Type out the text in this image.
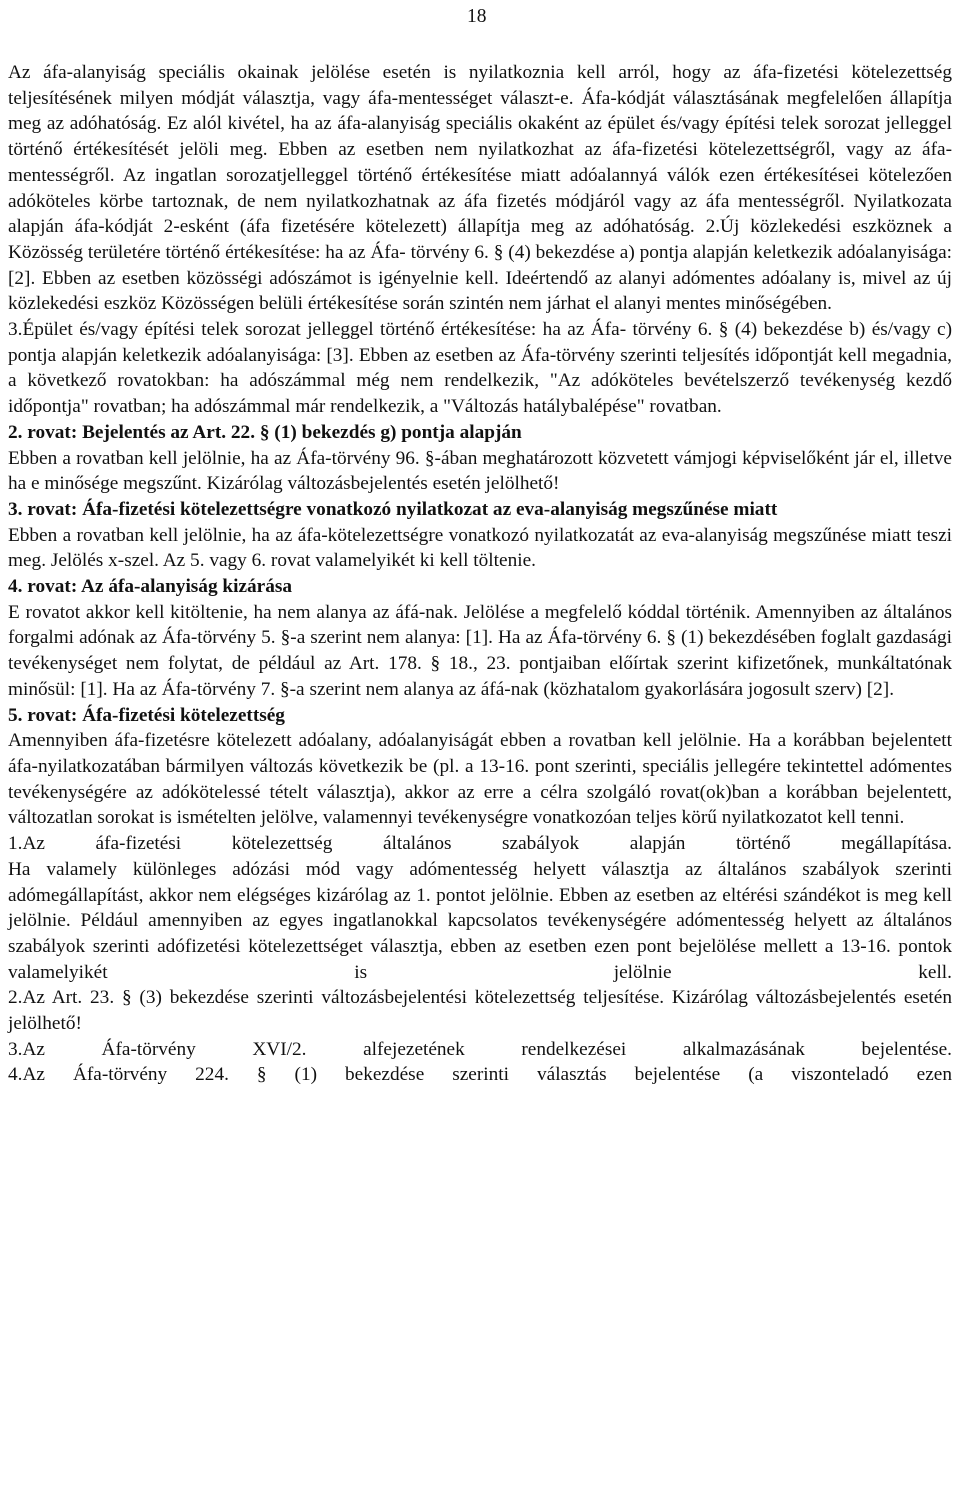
18

Az áfa-alanyiság speciális okainak jelölése esetén is nyilatkoznia kell arról, hogy az áfa-fizetési kötelezettség teljesítésének milyen módját választja, vagy áfa-mentességet választ-e. Áfa-kódját választásának megfelelően állapítja meg az adóhatóság. Ez alól kivétel, ha az áfa-alanyiság speciális okaként az épület és/vagy építési telek sorozat jelleggel történő értékesítését jelöli meg. Ebben az esetben nem nyilatkozhat az áfa-fizetési kötelezettségről, vagy az áfa-mentességről. Az ingatlan sorozatjelleggel történő értékesítése miatt adóalannyá válók ezen értékesítései kötelezően adóköteles körbe tartoznak, de nem nyilatkozhatnak az áfa fizetés módjáról vagy az áfa mentességről. Nyilatkozata alapján áfa-kódját 2-esként (áfa fizetésére kötelezett) állapítja meg az adóhatóság. 2.Új közlekedési eszköznek a Közösség területére történő értékesítése: ha az Áfa- törvény 6. § (4) bekezdése a) pontja alapján keletkezik adóalanyisága: [2]. Ebben az esetben közösségi adószámot is igényelnie kell. Ideértendő az alanyi adómentes adóalany is, mivel az új közlekedési eszköz Közösségen belüli értékesítése során szintén nem járhat el alanyi mentes minőségében.

3.Épület és/vagy építési telek sorozat jelleggel történő értékesítése: ha az Áfa- törvény 6. § (4) bekezdése b) és/vagy c) pontja alapján keletkezik adóalanyisága: [3]. Ebben az esetben az Áfa-törvény szerinti teljesítés időpontját kell megadnia, a következő rovatokban: ha adószámmal még nem rendelkezik, "Az adóköteles bevételszerző tevékenység kezdő időpontja" rovatban; ha adószámmal már rendelkezik, a "Változás hatálybalépése" rovatban.

2. rovat: Bejelentés az Art. 22. § (1) bekezdés g) pontja alapján

Ebben a rovatban kell jelölnie, ha az Áfa-törvény 96. §-ában meghatározott közvetett vámjogi képviselőként jár el, illetve ha e minősége megszűnt. Kizárólag változásbejelentés esetén jelölhető!

3. rovat: Áfa-fizetési kötelezettségre vonatkozó nyilatkozat az eva-alanyiság megszűnése miatt

Ebben a rovatban kell jelölnie, ha az áfa-kötelezettségre vonatkozó nyilatkozatát az eva-alanyiság megszűnése miatt teszi meg. Jelölés x-szel. Az 5. vagy 6. rovat valamelyikét ki kell töltenie.

4. rovat: Az áfa-alanyiság kizárása

E rovatot akkor kell kitöltenie, ha nem alanya az áfá-nak. Jelölése a megfelelő kóddal történik. Amennyiben az általános forgalmi adónak az Áfa-törvény 5. §-a szerint nem alanya: [1]. Ha az Áfa-törvény 6. § (1) bekezdésében foglalt gazdasági tevékenységet nem folytat, de például az Art. 178. § 18., 23. pontjaiban előírtak szerint kifizetőnek, munkáltatónak minősül: [1]. Ha az Áfa-törvény 7. §-a szerint nem alanya az áfá-nak (közhatalom gyakorlására jogosult szerv) [2].

5. rovat: Áfa-fizetési kötelezettség

Amennyiben áfa-fizetésre kötelezett adóalany, adóalanyiságát ebben a rovatban kell jelölnie. Ha a korábban bejelentett áfa-nyilatkozatában bármilyen változás következik be (pl. a 13-16. pont szerinti, speciális jellegére tekintettel adómentes tevékenységére az adókötelessé tételt választja), akkor az erre a célra szolgáló rovat(ok)ban a korábban bejelentett, változatlan sorokat is ismételten jelölve, valamennyi tevékenységre vonatkozóan teljes körű nyilatkozatot kell tenni.

1.Az áfa-fizetési kötelezettség általános szabályok alapján történő megállapítása.

Ha valamely különleges adózási mód vagy adómentesség helyett választja az általános szabályok szerinti adómegállapítást, akkor nem elégséges kizárólag az 1. pontot jelölnie. Ebben az esetben az eltérési szándékot is meg kell jelölnie. Például amennyiben az egyes ingatlanokkal kapcsolatos tevékenységére adómentesség helyett az általános szabályok szerinti adófizetési kötelezettséget választja, ebben az esetben ezen pont bejelölése mellett a 13-16. pontok valamelyikét is jelölnie kell.

2.Az Art. 23. § (3) bekezdése szerinti változásbejelentési kötelezettség teljesítése. Kizárólag változásbejelentés esetén jelölhető!

3.Az Áfa-törvény XVI/2. alfejezetének rendelkezései alkalmazásának bejelentése.

4.Az Áfa-törvény 224. § (1) bekezdése szerinti választás bejelentése (a viszonteladó ezen
